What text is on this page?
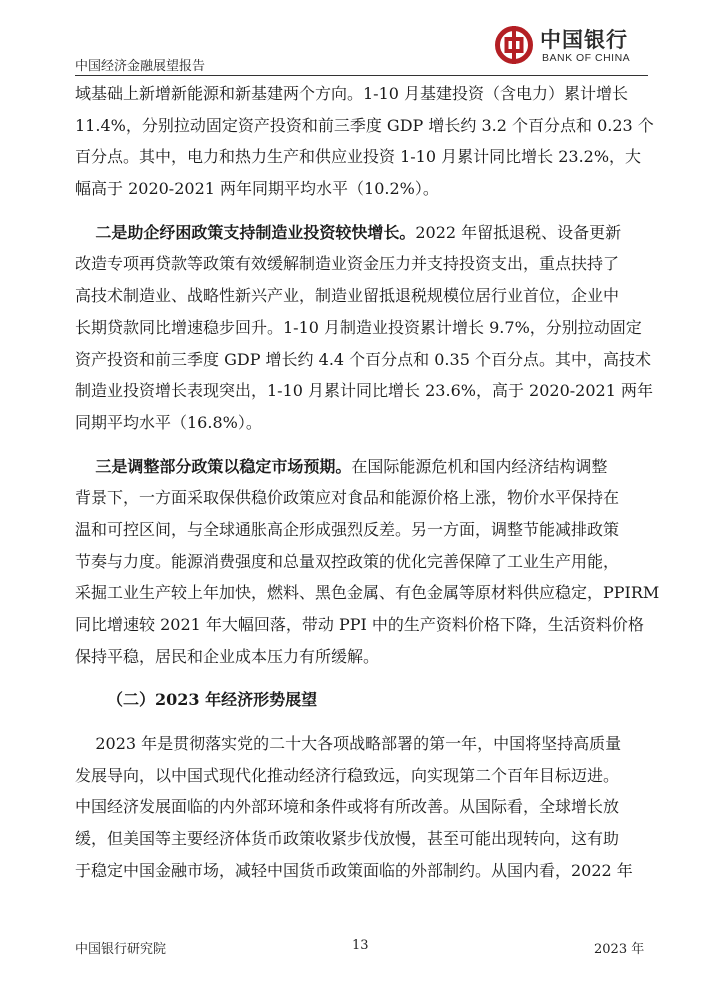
中国经济金融展望报告
中国银行
BANK OF CHINA
域基础上新增新能源和新基建两个方向。1-10 月基建投资（含电力）累计增长
11.4%，分别拉动固定资产投资和前三季度 GDP 增长约 3.2 个百分点和 0.23 个
百分点。其中，电力和热力生产和供应业投资 1-10 月累计同比增长 23.2%，大
幅高于 2020-2021 两年同期平均水平（10.2%）。
二是助企纾困政策支持制造业投资较快增长。2022 年留抵退税、设备更新
改造专项再贷款等政策有效缓解制造业资金压力并支持投资支出，重点扶持了
高技术制造业、战略性新兴产业，制造业留抵退税规模位居行业首位，企业中
长期贷款同比增速稳步回升。1-10 月制造业投资累计增长 9.7%，分别拉动固定
资产投资和前三季度 GDP 增长约 4.4 个百分点和 0.35 个百分点。其中，高技术
制造业投资增长表现突出，1-10 月累计同比增长 23.6%，高于 2020-2021 两年
同期平均水平（16.8%）。
三是调整部分政策以稳定市场预期。在国际能源危机和国内经济结构调整
背景下，一方面采取保供稳价政策应对食品和能源价格上涨，物价水平保持在
温和可控区间，与全球通胀高企形成强烈反差。另一方面，调整节能减排政策
节奏与力度。能源消费强度和总量双控政策的优化完善保障了工业生产用能，
采掘工业生产较上年加快，燃料、黑色金属、有色金属等原材料供应稳定，PPIRM
同比增速较 2021 年大幅回落，带动 PPI 中的生产资料价格下降，生活资料价格
保持平稳，居民和企业成本压力有所缓解。
（二）2023 年经济形势展望
2023 年是贯彻落实党的二十大各项战略部署的第一年，中国将坚持高质量
发展导向，以中国式现代化推动经济行稳致远，向实现第二个百年目标迈进。
中国经济发展面临的内外部环境和条件或将有所改善。从国际看，全球增长放
缓，但美国等主要经济体货币政策收紧步伐放慢，甚至可能出现转向，这有助
于稳定中国金融市场，减轻中国货币政策面临的外部制约。从国内看，2022 年
中国银行研究院	13	2023 年
